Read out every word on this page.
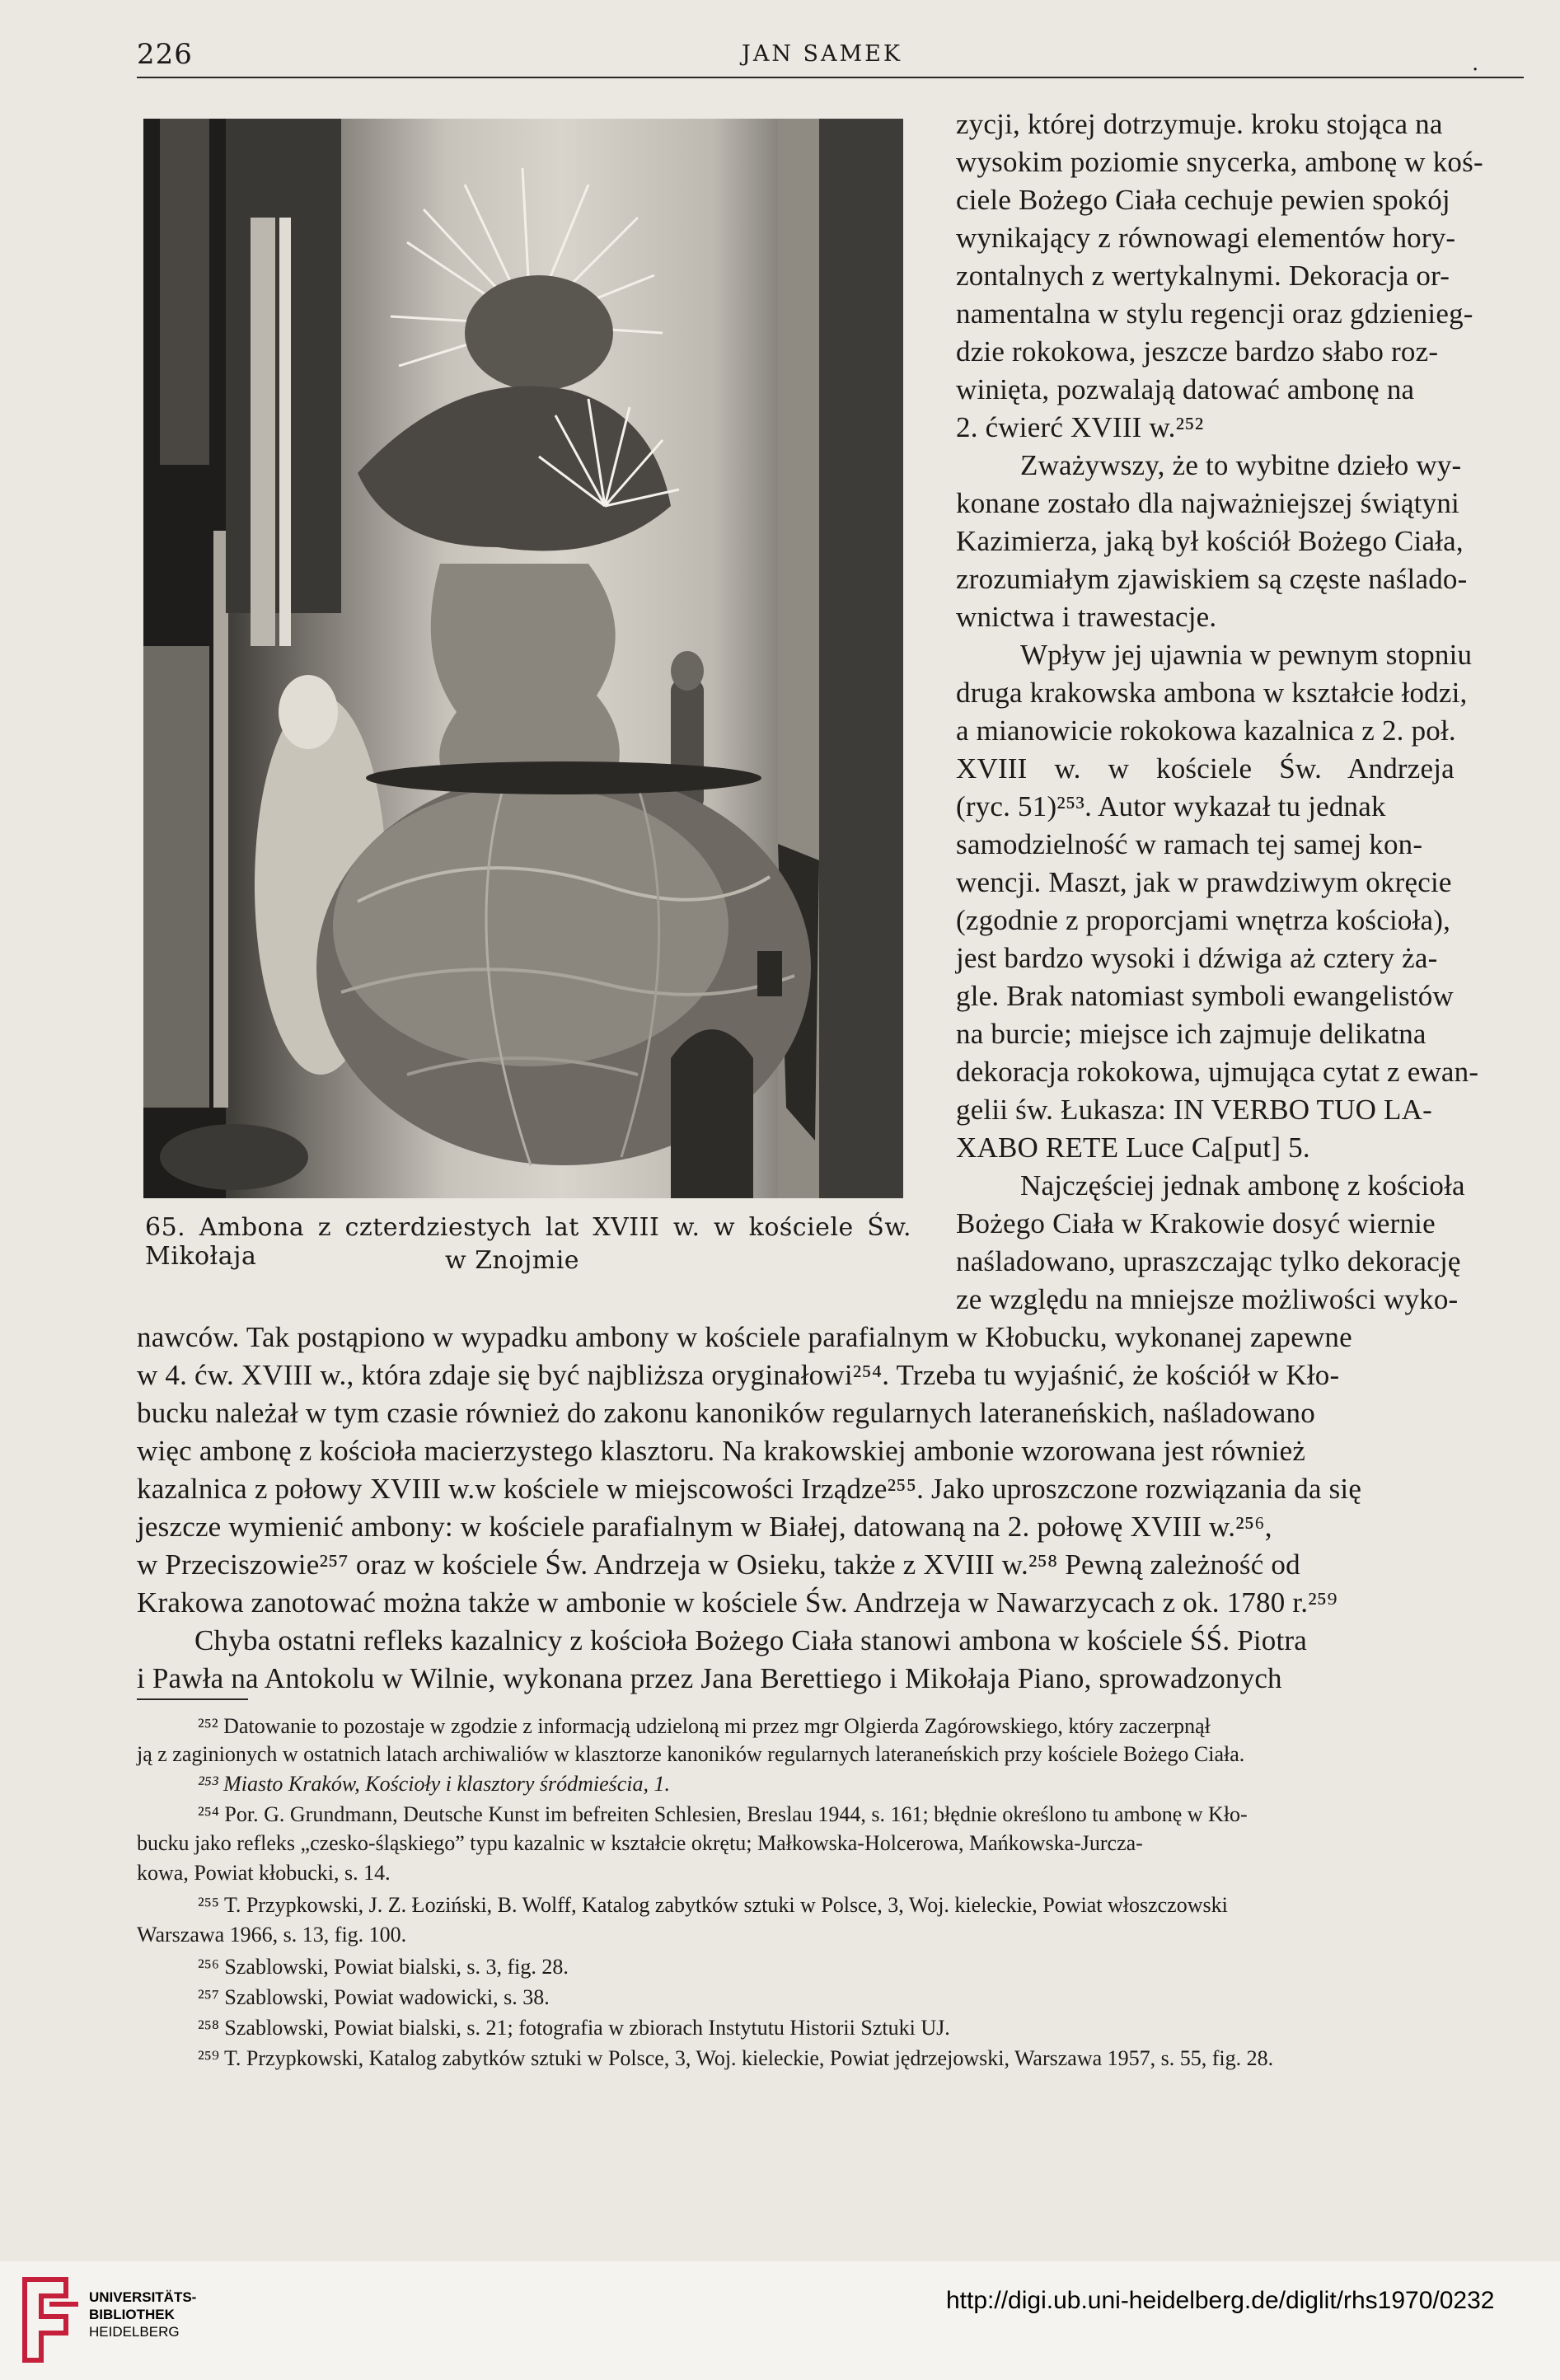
226	JAN SAMEK	.
65. Ambona z czterdziestych lat XVIII w. w kościele Św. Mikołaja	w Znojmie
zycji, której dotrzymuje. kroku stojąca na
wysokim poziomie snycerka, ambonę w koś-
ciele Bożego Ciała cechuje pewien spokój
wynikający z równowagi elementów hory-
zontalnych z wertykalnymi. Dekoracja or-
namentalna w stylu regencji oraz gdzienieg-
dzie rokokowa, jeszcze bardzo słabo roz-
winięta, pozwalają datować ambonę na
2. ćwierć XVIII w.²⁵²
Zważywszy, że to wybitne dzieło wy-
konane zostało dla najważniejszej świątyni
Kazimierza, jaką był kościół Bożego Ciała,
zrozumiałym zjawiskiem są częste naślado-
wnictwa i trawestacje.
Wpływ jej ujawnia w pewnym stopniu
druga krakowska ambona w kształcie łodzi,
a mianowicie rokokowa kazalnica z 2. poł.
XVIII w. w kościele Św. Andrzeja
(ryc. 51)²⁵³. Autor wykazał tu jednak
samodzielność w ramach tej samej kon-
wencji. Maszt, jak w prawdziwym okręcie
(zgodnie z proporcjami wnętrza kościoła),
jest bardzo wysoki i dźwiga aż cztery ża-
gle. Brak natomiast symboli ewangelistów
na burcie; miejsce ich zajmuje delikatna
dekoracja rokokowa, ujmująca cytat z ewan-
gelii św. Łukasza: IN VERBO TUO LA-
XABO RETE Luce Ca[put] 5.
Najczęściej jednak ambonę z kościoła
Bożego Ciała w Krakowie dosyć wiernie
naśladowano, upraszczając tylko dekorację
ze względu na mniejsze możliwości wyko-
nawców. Tak postąpiono w wypadku ambony w kościele parafialnym w Kłobucku, wykonanej zapewne
w 4. ćw. XVIII w., która zdaje się być najbliższa oryginałowi²⁵⁴. Trzeba tu wyjaśnić, że kościół w Kło-
bucku należał w tym czasie również do zakonu kanoników regularnych lateraneńskich, naśladowano
więc ambonę z kościoła macierzystego klasztoru. Na krakowskiej ambonie wzorowana jest również
kazalnica z połowy XVIII w.w kościele w miejscowości Irządze²⁵⁵. Jako uproszczone rozwiązania da się
jeszcze wymienić ambony: w kościele parafialnym w Białej, datowaną na 2. połowę XVIII w.²⁵⁶,
w Przeciszowie²⁵⁷ oraz w kościele Św. Andrzeja w Osieku, także z XVIII w.²⁵⁸ Pewną zależność od
Krakowa zanotować można także w ambonie w kościele Św. Andrzeja w Nawarzycach z ok. 1780 r.²⁵⁹
Chyba ostatni refleks kazalnicy z kościoła Bożego Ciała stanowi ambona w kościele ŚŚ. Piotra
i Pawła na Antokolu w Wilnie, wykonana przez Jana Berettiego i Mikołaja Piano, sprowadzonych
²⁵² Datowanie to pozostaje w zgodzie z informacją udzieloną mi przez mgr Olgierda Zagórowskiego, który zaczerpnął
ją z zaginionych w ostatnich latach archiwaliów w klasztorze kanoników regularnych lateraneńskich przy kościele Bożego Ciała.
²⁵³ Miasto Kraków, Kościoły i klasztory śródmieścia, 1.
²⁵⁴ Por. G. Grundmann, Deutsche Kunst im befreiten Schlesien, Breslau 1944, s. 161; błędnie określono tu ambonę w Kło-
bucku jako refleks „czesko-śląskiego” typu kazalnic w kształcie okrętu; Małkowska-Holcerowa, Mańkowska-Jurcza-
kowa, Powiat kłobucki, s. 14.
²⁵⁵ T. Przypkowski, J. Z. Łoziński, B. Wolff, Katalog zabytków sztuki w Polsce, 3, Woj. kieleckie, Powiat włoszczowski
Warszawa 1966, s. 13, fig. 100.
²⁵⁶ Szablowski, Powiat bialski, s. 3, fig. 28.
²⁵⁷ Szablowski, Powiat wadowicki, s. 38.
²⁵⁸ Szablowski, Powiat bialski, s. 21; fotografia w zbiorach Instytutu Historii Sztuki UJ.
²⁵⁹ T. Przypkowski, Katalog zabytków sztuki w Polsce, 3, Woj. kieleckie, Powiat jędrzejowski, Warszawa 1957, s. 55, fig. 28.
UNIVERSITÄTS-
BIBLIOTHEK
HEIDELBERG
http://digi.ub.uni-heidelberg.de/diglit/rhs1970/0232
